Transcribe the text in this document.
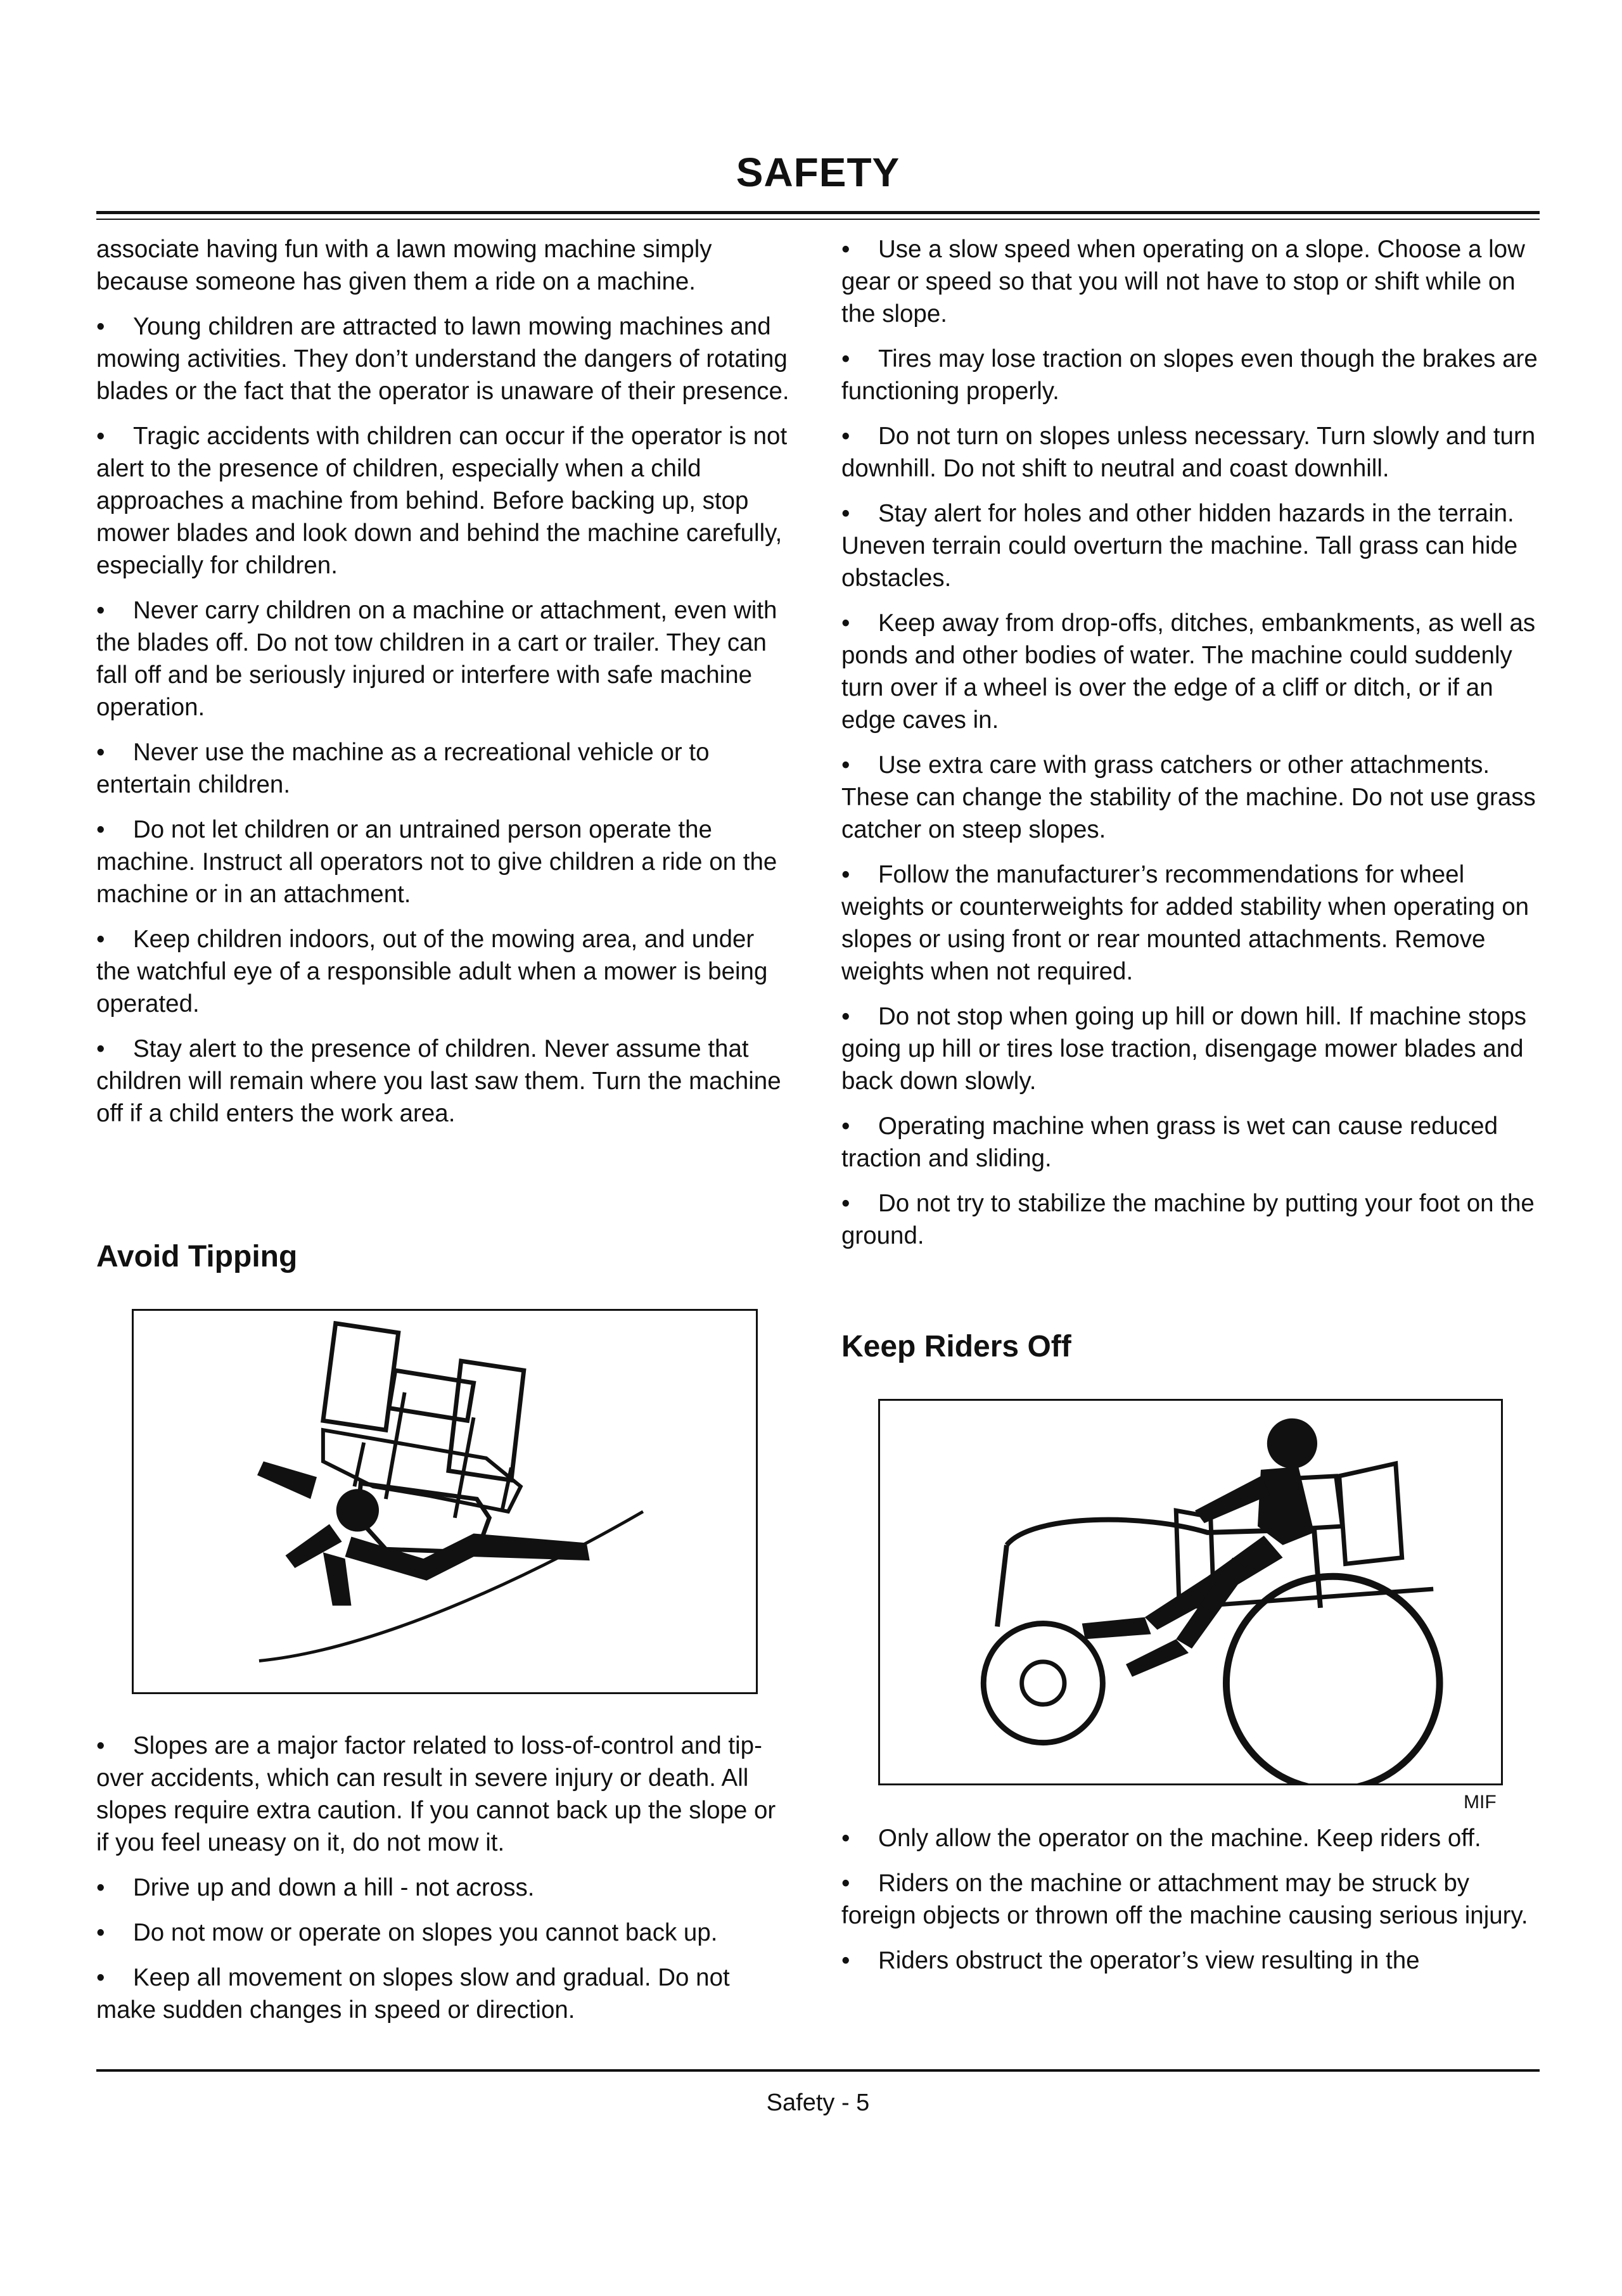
SAFETY

associate having fun with a lawn mowing machine simply because someone has given them a ride on a machine.

• Young children are attracted to lawn mowing machines and mowing activities. They don’t understand the dangers of rotating blades or the fact that the operator is unaware of their presence.

• Tragic accidents with children can occur if the operator is not alert to the presence of children, especially when a child approaches a machine from behind. Before backing up, stop mower blades and look down and behind the machine carefully, especially for children.

• Never carry children on a machine or attachment, even with the blades off. Do not tow children in a cart or trailer. They can fall off and be seriously injured or interfere with safe machine operation.

• Never use the machine as a recreational vehicle or to entertain children.

• Do not let children or an untrained person operate the machine. Instruct all operators not to give children a ride on the machine or in an attachment.

• Keep children indoors, out of the mowing area, and under the watchful eye of a responsible adult when a mower is being operated.

• Stay alert to the presence of children. Never assume that children will remain where you last saw them. Turn the machine off if a child enters the work area.

Avoid Tipping

• Slopes are a major factor related to loss-of-control and tip-over accidents, which can result in severe injury or death. All slopes require extra caution. If you cannot back up the slope or if you feel uneasy on it, do not mow it.

• Drive up and down a hill - not across.

• Do not mow or operate on slopes you cannot back up.

• Keep all movement on slopes slow and gradual. Do not make sudden changes in speed or direction.

• Use a slow speed when operating on a slope. Choose a low gear or speed so that you will not have to stop or shift while on the slope.

• Tires may lose traction on slopes even though the brakes are functioning properly.

• Do not turn on slopes unless necessary. Turn slowly and turn downhill. Do not shift to neutral and coast downhill.

• Stay alert for holes and other hidden hazards in the terrain. Uneven terrain could overturn the machine. Tall grass can hide obstacles.

• Keep away from drop-offs, ditches, embankments, as well as ponds and other bodies of water. The machine could suddenly turn over if a wheel is over the edge of a cliff or ditch, or if an edge caves in.

• Use extra care with grass catchers or other attachments. These can change the stability of the machine. Do not use grass catcher on steep slopes.

• Follow the manufacturer’s recommendations for wheel weights or counterweights for added stability when operating on slopes or using front or rear mounted attachments. Remove weights when not required.

• Do not stop when going up hill or down hill. If machine stops going up hill or tires lose traction, disengage mower blades and back down slowly.

• Operating machine when grass is wet can cause reduced traction and sliding.

• Do not try to stabilize the machine by putting your foot on the ground.

Keep Riders Off
MIF

• Only allow the operator on the machine. Keep riders off.

• Riders on the machine or attachment may be struck by foreign objects or thrown off the machine causing serious injury.

• Riders obstruct the operator’s view resulting in the

Safety - 5
